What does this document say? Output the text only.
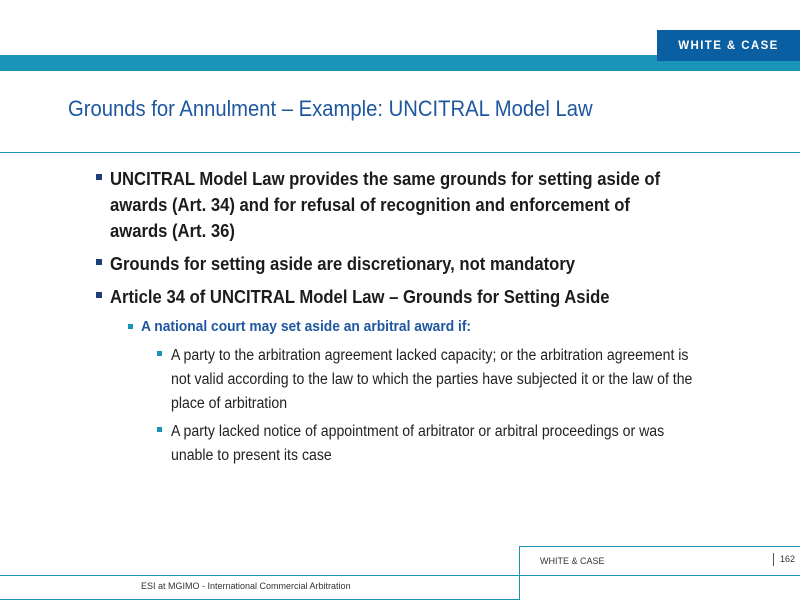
WHITE & CASE
Grounds for Annulment – Example: UNCITRAL Model Law
UNCITRAL Model Law provides the same grounds for setting aside of awards (Art. 34) and for refusal of recognition and enforcement of awards (Art. 36)
Grounds for setting aside are discretionary, not mandatory
Article 34 of UNCITRAL Model Law – Grounds for Setting Aside
A national court may set aside an arbitral award if:
A party to the arbitration agreement lacked capacity; or the arbitration agreement is not valid according to the law to which the parties have subjected it or the law of the place of arbitration
A party lacked notice of appointment of arbitrator or arbitral proceedings or was unable to present its case
WHITE & CASE	162
ESI at MGIMO - International Commercial Arbitration
